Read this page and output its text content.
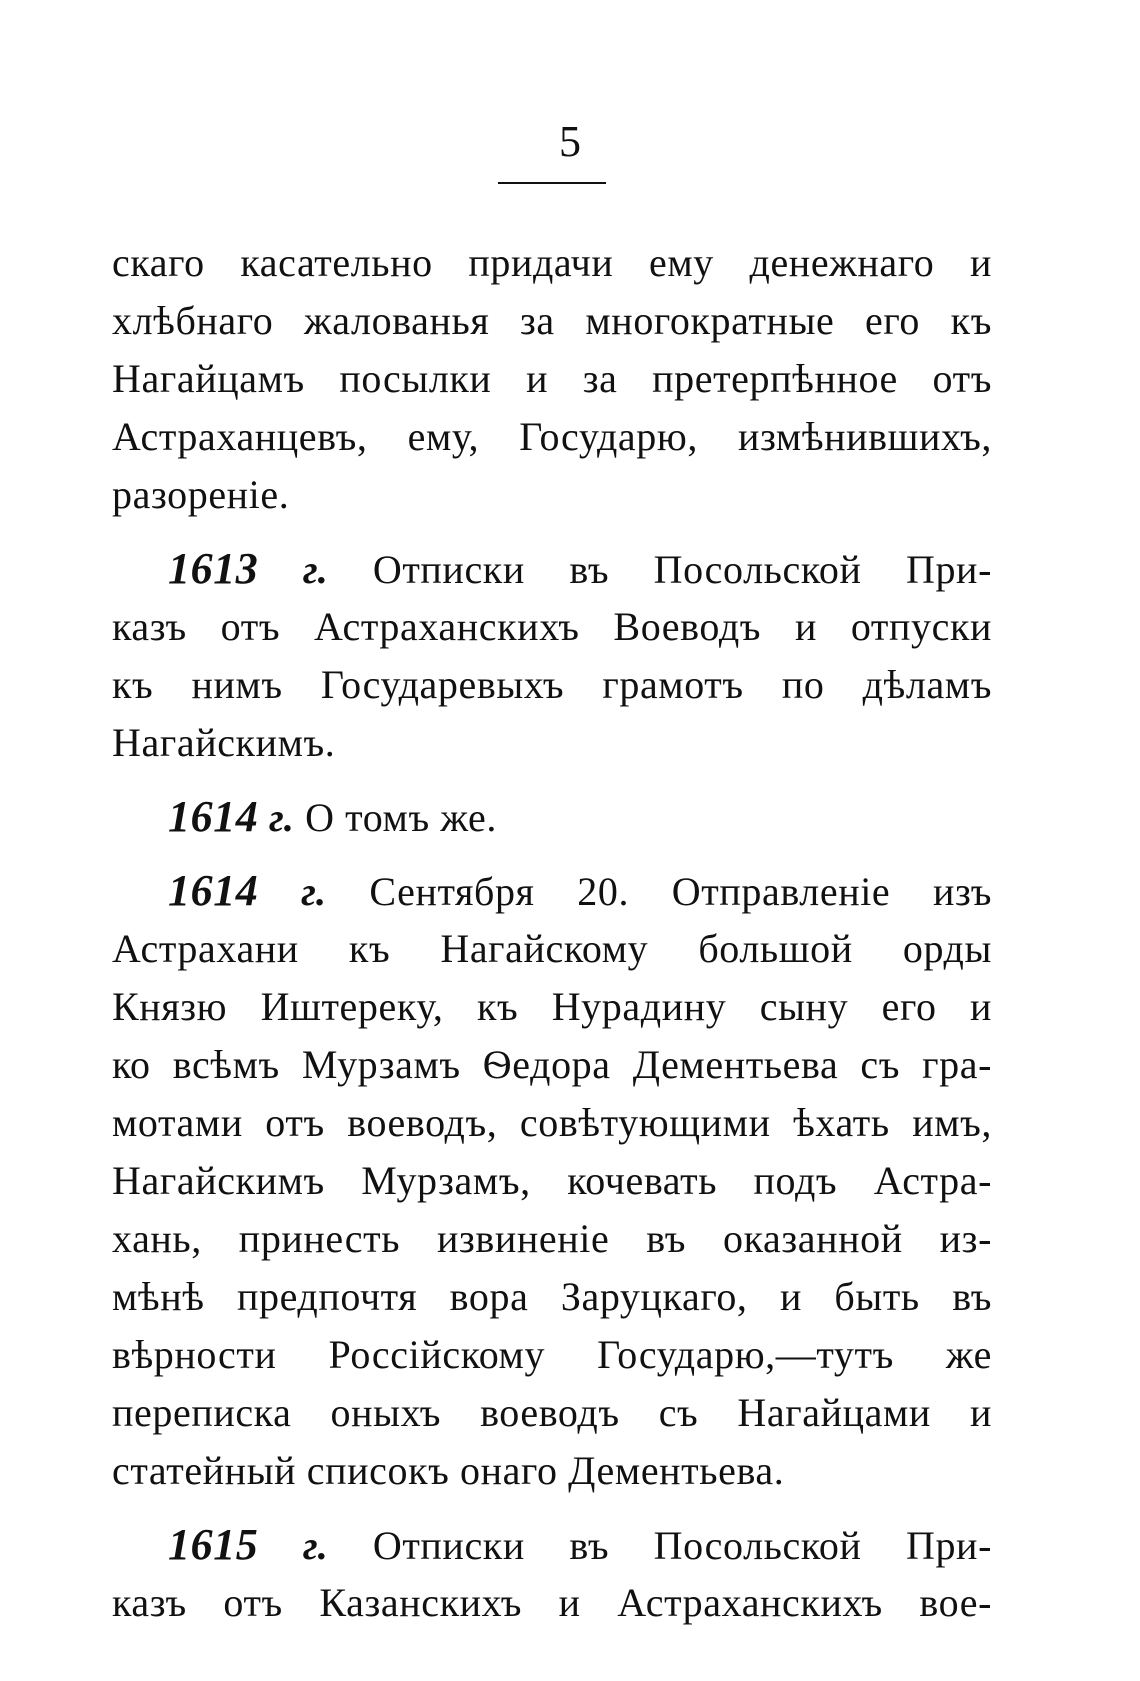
5
скаго касательно придачи ему денежнаго и
хлѣбнаго жалованья за многократные его къ
Нагайцамъ посылки и за претерпѣнное отъ
Астраханцевъ, ему, Государю, измѣнившихъ,
разореніе.
1613 г. Отписки въ Посольской При-
казъ отъ Астраханскихъ Воеводъ и отпуски
къ нимъ Государевыхъ грамотъ по дѣламъ
Нагайскимъ.
1614 г. О томъ же.
1614 г. Сентября 20. Отправленіе изъ
Астрахани къ Нагайскому большой орды
Князю Иштереку, къ Нурадину сыну его и
ко всѣмъ Мурзамъ Ѳедора Дементьева съ гра-
мотами отъ воеводъ, совѣтующими ѣхать имъ,
Нагайскимъ Мурзамъ, кочевать подъ Астра-
хань, принесть извиненіе въ оказанной из-
мѣнѣ предпочтя вора Заруцкаго, и быть въ
вѣрности Россійскому Государю,—тутъ же
переписка оныхъ воеводъ съ Нагайцами и
статейный списокъ онаго Дементьева.
1615 г. Отписки въ Посольской При-
казъ отъ Казанскихъ и Астраханскихъ вое-
